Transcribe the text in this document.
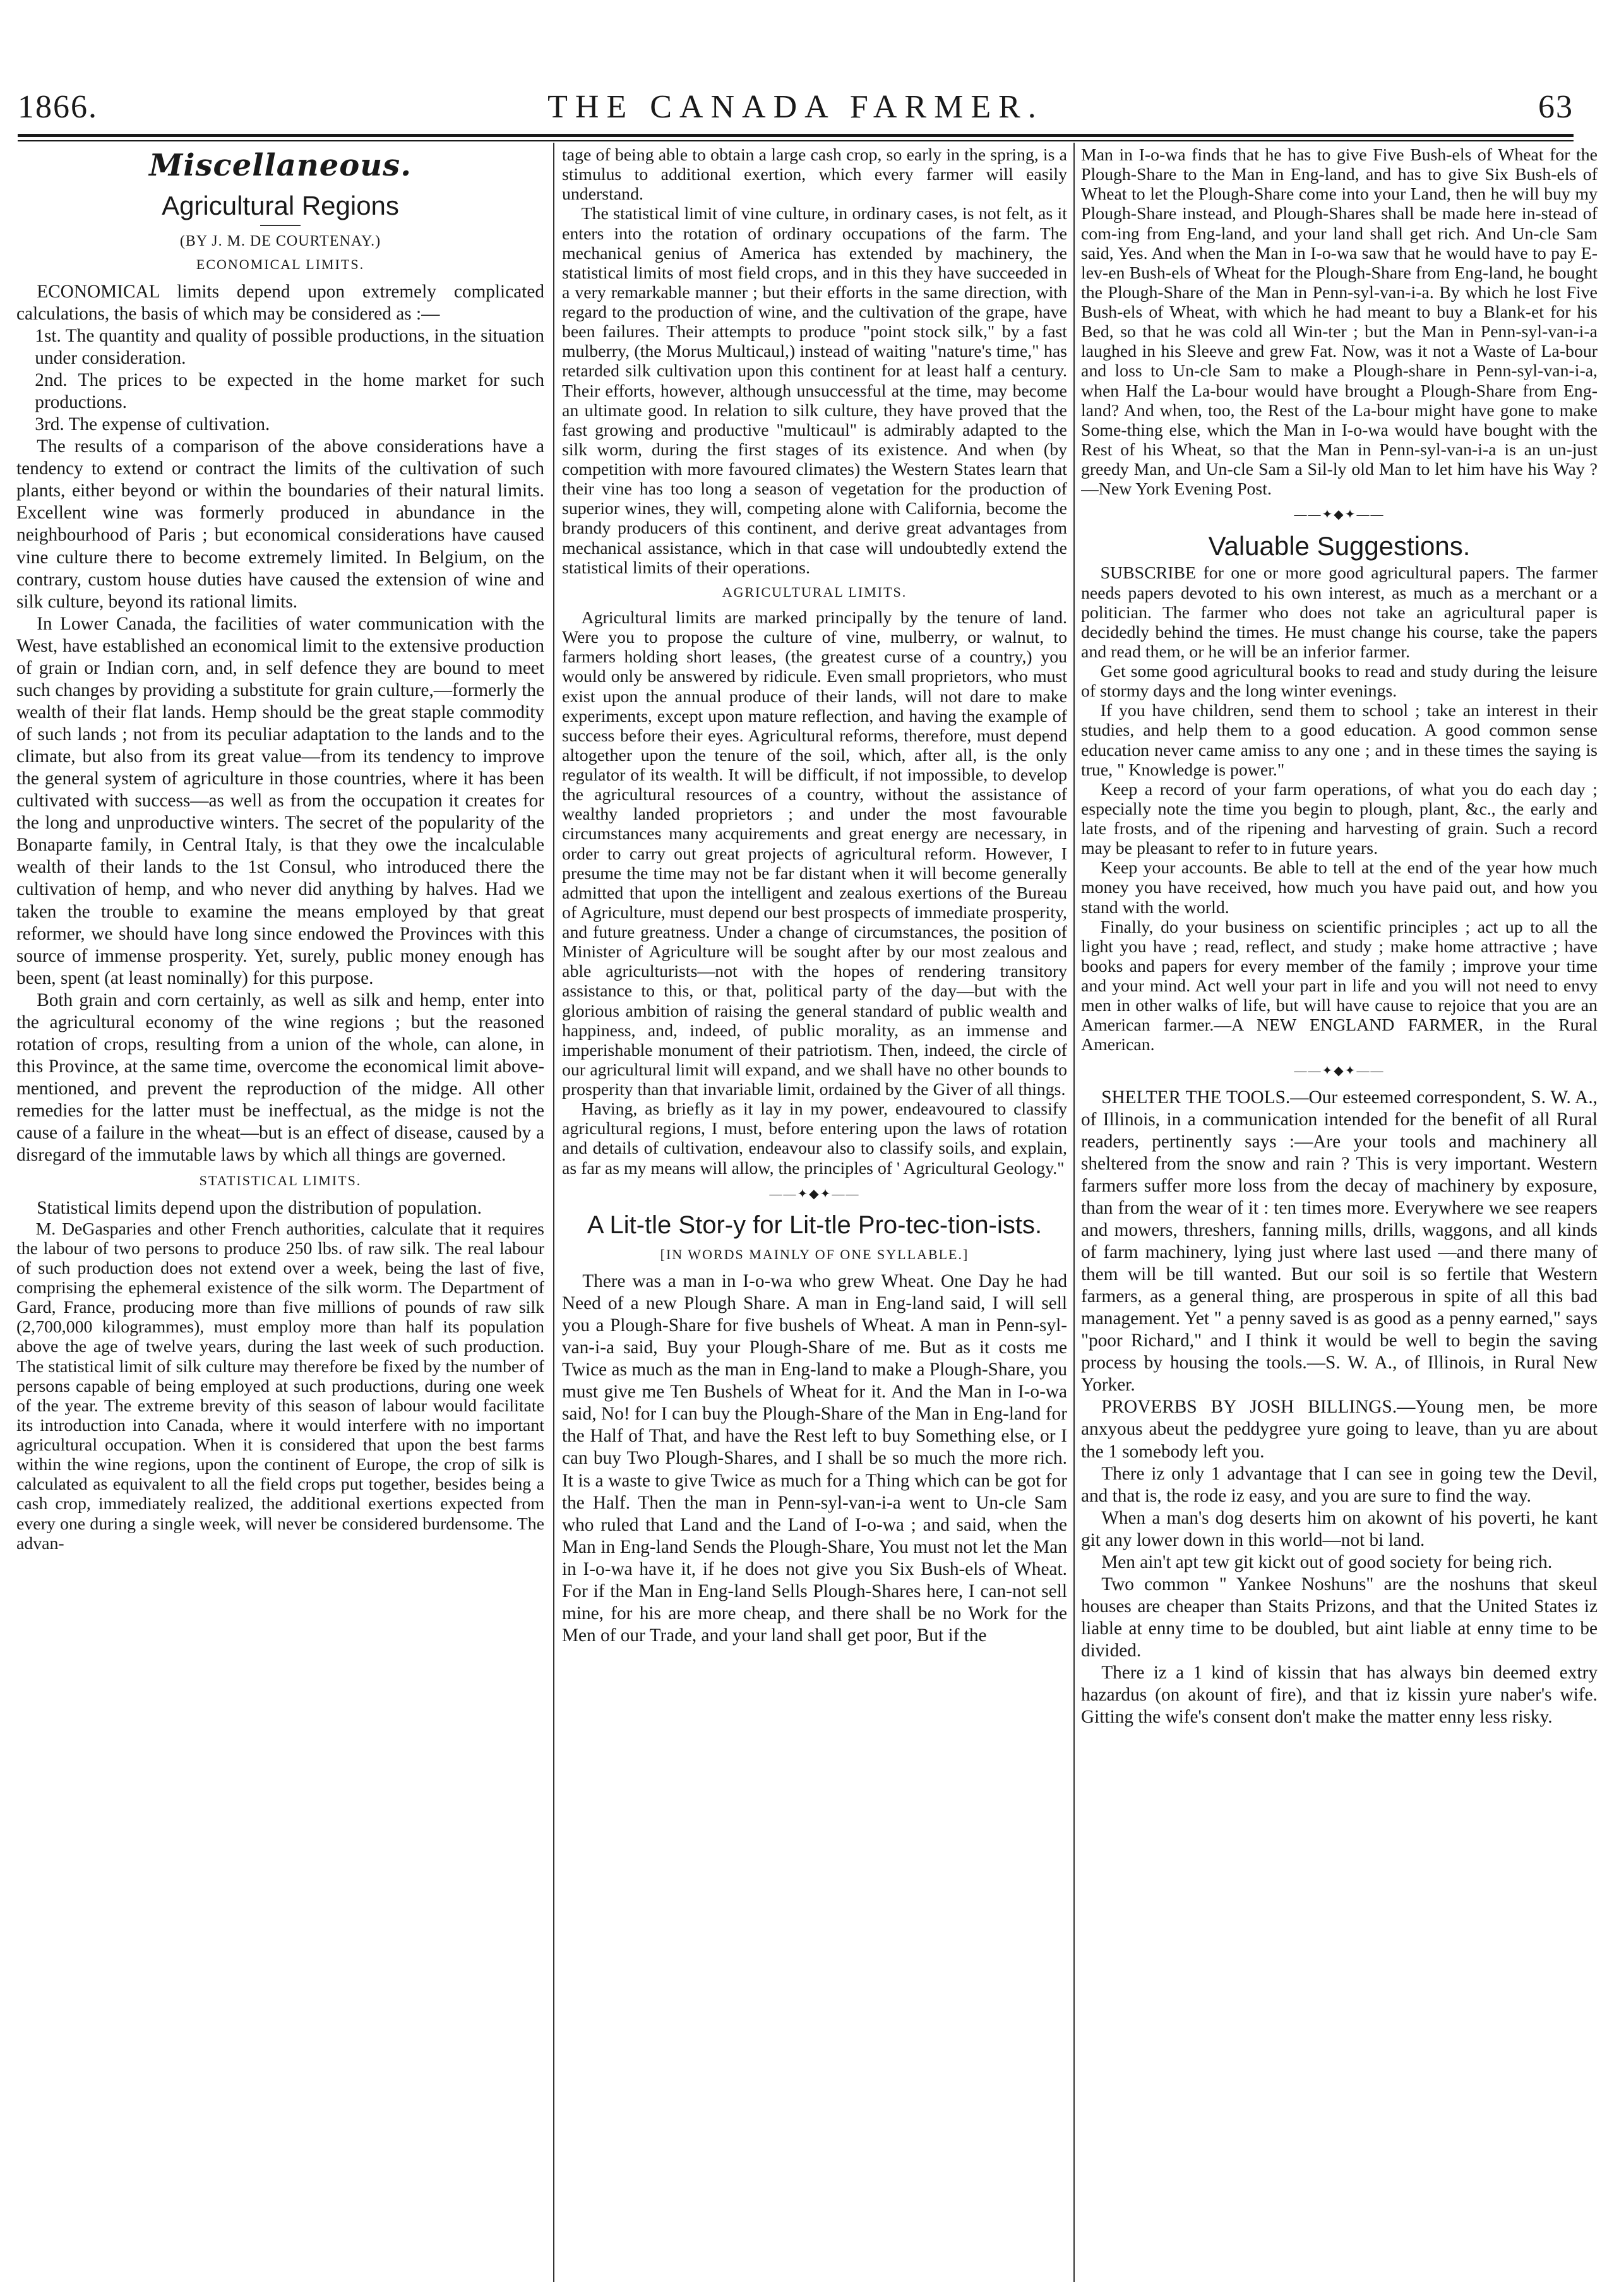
1866.	THE CANADA FARMER.	63
Miscellaneous.
Agricultural Regions
(BY J. M. DE COURTENAY.)
ECONOMICAL LIMITS.

ECONOMICAL limits depend upon extremely complicated calculations, the basis of which may be considered as :—

1st. The quantity and quality of possible productions, in the situation under consideration.

2nd. The prices to be expected in the home market for such productions.

3rd. The expense of cultivation.

The results of a comparison of the above considerations have a tendency to extend or contract the limits of the cultivation of such plants, either beyond or within the boundaries of their natural limits. Excellent wine was formerly produced in abundance in the neighbourhood of Paris ; but economical considerations have caused vine culture there to become extremely limited. In Belgium, on the contrary, custom house duties have caused the extension of wine and silk culture, beyond its rational limits.

In Lower Canada, the facilities of water communication with the West, have established an economical limit to the extensive production of grain or Indian corn, and, in self defence they are bound to meet such changes by providing a substitute for grain culture,—formerly the wealth of their flat lands. Hemp should be the great staple commodity of such lands ; not from its peculiar adaptation to the lands and to the climate, but also from its great value—from its tendency to improve the general system of agriculture in those countries, where it has been cultivated with success—as well as from the occupation it creates for the long and unproductive winters. The secret of the popularity of the Bonaparte family, in Central Italy, is that they owe the incalculable wealth of their lands to the 1st Consul, who introduced there the cultivation of hemp, and who never did anything by halves. Had we taken the trouble to examine the means employed by that great reformer, we should have long since endowed the Provinces with this source of immense prosperity. Yet, surely, public money enough has been, spent (at least nominally) for this purpose.

Both grain and corn certainly, as well as silk and hemp, enter into the agricultural economy of the wine regions ; but the reasoned rotation of crops, resulting from a union of the whole, can alone, in this Province, at the same time, overcome the economical limit above-mentioned, and prevent the reproduction of the midge. All other remedies for the latter must be ineffectual, as the midge is not the cause of a failure in the wheat—but is an effect of disease, caused by a disregard of the immutable laws by which all things are governed.

STATISTICAL LIMITS.

Statistical limits depend upon the distribution of population.

M. DeGasparies and other French authorities, calculate that it requires the labour of two persons to produce 250 lbs. of raw silk. The real labour of such production does not extend over a week, being the last of five, comprising the ephemeral existence of the silk worm. The Department of Gard, France, producing more than five millions of pounds of raw silk (2,700,000 kilogrammes), must employ more than half its population above the age of twelve years, during the last week of such production. The statistical limit of silk culture may therefore be fixed by the number of persons capable of being employed at such productions, during one week of the year. The extreme brevity of this season of labour would facilitate its introduction into Canada, where it would interfere with no important agricultural occupation. When it is considered that upon the best farms within the wine regions, upon the continent of Europe, the crop of silk is calculated as equivalent to all the field crops put together, besides being a cash crop, immediately realized, the additional exertions expected from every one during a single week, will never be considered burdensome. The advan-

tage of being able to obtain a large cash crop, so early in the spring, is a stimulus to additional exertion, which every farmer will easily understand.

The statistical limit of vine culture, in ordinary cases, is not felt, as it enters into the rotation of ordinary occupations of the farm. The mechanical genius of America has extended by machinery, the statistical limits of most field crops, and in this they have succeeded in a very remarkable manner ; but their efforts in the same direction, with regard to the production of wine, and the cultivation of the grape, have been failures. Their attempts to produce "point stock silk," by a fast mulberry, (the Morus Multicaul,) instead of waiting "nature's time," has retarded silk cultivation upon this continent for at least half a century. Their efforts, however, although unsuccessful at the time, may become an ultimate good. In relation to silk culture, they have proved that the fast growing and productive "multicaul" is admirably adapted to the silk worm, during the first stages of its existence. And when (by competition with more favoured climates) the Western States learn that their vine has too long a season of vegetation for the production of superior wines, they will, competing alone with California, become the brandy producers of this continent, and derive great advantages from mechanical assistance, which in that case will undoubtedly extend the statistical limits of their operations.

AGRICULTURAL LIMITS.

Agricultural limits are marked principally by the tenure of land. Were you to propose the culture of vine, mulberry, or walnut, to farmers holding short leases, (the greatest curse of a country,) you would only be answered by ridicule. Even small proprietors, who must exist upon the annual produce of their lands, will not dare to make experiments, except upon mature reflection, and having the example of success before their eyes. Agricultural reforms, therefore, must depend altogether upon the tenure of the soil, which, after all, is the only regulator of its wealth. It will be difficult, if not impossible, to develop the agricultural resources of a country, without the assistance of wealthy landed proprietors ; and under the most favourable circumstances many acquirements and great energy are necessary, in order to carry out great projects of agricultural reform. However, I presume the time may not be far distant when it will become generally admitted that upon the intelligent and zealous exertions of the Bureau of Agriculture, must depend our best prospects of immediate prosperity, and future greatness. Under a change of circumstances, the position of Minister of Agriculture will be sought after by our most zealous and able agriculturists—not with the hopes of rendering transitory assistance to this, or that, political party of the day—but with the glorious ambition of raising the general standard of public wealth and happiness, and, indeed, of public morality, as an immense and imperishable monument of their patriotism. Then, indeed, the circle of our agricultural limit will expand, and we shall have no other bounds to prosperity than that invariable limit, ordained by the Giver of all things.

Having, as briefly as it lay in my power, endeavoured to classify agricultural regions, I must, before entering upon the laws of rotation and details of cultivation, endeavour also to classify soils, and explain, as far as my means will allow, the principles of ' Agricultural Geology."

——✦◆✦——
A Lit-tle Stor-y for Lit-tle Pro-tec-tion-ists.
[IN WORDS MAINLY OF ONE SYLLABLE.]

There was a man in I-o-wa who grew Wheat. One Day he had Need of a new Plough Share. A man in Eng-land said, I will sell you a Plough-Share for five bushels of Wheat. A man in Penn-syl-van-i-a said, Buy your Plough-Share of me. But as it costs me Twice as much as the man in Eng-land to make a Plough-Share, you must give me Ten Bushels of Wheat for it. And the Man in I-o-wa said, No! for I can buy the Plough-Share of the Man in Eng-land for the Half of That, and have the Rest left to buy Something else, or I can buy Two Plough-Shares, and I shall be so much the more rich. It is a waste to give Twice as much for a Thing which can be got for the Half. Then the man in Penn-syl-van-i-a went to Un-cle Sam who ruled that Land and the Land of I-o-wa ; and said, when the Man in Eng-land Sends the Plough-Share, You must not let the Man in I-o-wa have it, if he does not give you Six Bush-els of Wheat. For if the Man in Eng-land Sells Plough-Shares here, I can-not sell mine, for his are more cheap, and there shall be no Work for the Men of our Trade, and your land shall get poor, But if the

Man in I-o-wa finds that he has to give Five Bush-els of Wheat for the Plough-Share to the Man in Eng-land, and has to give Six Bush-els of Wheat to let the Plough-Share come into your Land, then he will buy my Plough-Share instead, and Plough-Shares shall be made here in-stead of com-ing from Eng-land, and your land shall get rich. And Un-cle Sam said, Yes. And when the Man in I-o-wa saw that he would have to pay E-lev-en Bush-els of Wheat for the Plough-Share from Eng-land, he bought the Plough-Share of the Man in Penn-syl-van-i-a. By which he lost Five Bush-els of Wheat, with which he had meant to buy a Blank-et for his Bed, so that he was cold all Win-ter ; but the Man in Penn-syl-van-i-a laughed in his Sleeve and grew Fat. Now, was it not a Waste of La-bour and loss to Un-cle Sam to make a Plough-share in Penn-syl-van-i-a, when Half the La-bour would have brought a Plough-Share from Eng-land? And when, too, the Rest of the La-bour might have gone to make Some-thing else, which the Man in I-o-wa would have bought with the Rest of his Wheat, so that the Man in Penn-syl-van-i-a is an un-just greedy Man, and Un-cle Sam a Sil-ly old Man to let him have his Way ?—New York Evening Post.

——✦◆✦——
Valuable Suggestions.

SUBSCRIBE for one or more good agricultural papers. The farmer needs papers devoted to his own interest, as much as a merchant or a politician. The farmer who does not take an agricultural paper is decidedly behind the times. He must change his course, take the papers and read them, or he will be an inferior farmer.

Get some good agricultural books to read and study during the leisure of stormy days and the long winter evenings.

If you have children, send them to school ; take an interest in their studies, and help them to a good education. A good common sense education never came amiss to any one ; and in these times the saying is true, " Knowledge is power."

Keep a record of your farm operations, of what you do each day ; especially note the time you begin to plough, plant, &c., the early and late frosts, and of the ripening and harvesting of grain. Such a record may be pleasant to refer to in future years.

Keep your accounts. Be able to tell at the end of the year how much money you have received, how much you have paid out, and how you stand with the world.

Finally, do your business on scientific principles ; act up to all the light you have ; read, reflect, and study ; make home attractive ; have books and papers for every member of the family ; improve your time and your mind. Act well your part in life and you will not need to envy men in other walks of life, but will have cause to rejoice that you are an American farmer.—A NEW ENGLAND FARMER, in the Rural American.

——✦◆✦——

SHELTER THE TOOLS.—Our esteemed correspondent, S. W. A., of Illinois, in a communication intended for the benefit of all Rural readers, pertinently says :—Are your tools and machinery all sheltered from the snow and rain ? This is very important. Western farmers suffer more loss from the decay of machinery by exposure, than from the wear of it : ten times more. Everywhere we see reapers and mowers, threshers, fanning mills, drills, waggons, and all kinds of farm machinery, lying just where last used —and there many of them will be till wanted. But our soil is so fertile that Western farmers, as a general thing, are prosperous in spite of all this bad management. Yet " a penny saved is as good as a penny earned," says "poor Richard," and I think it would be well to begin the saving process by housing the tools.—S. W. A., of Illinois, in Rural New Yorker.

PROVERBS BY JOSH BILLINGS.—Young men, be more anxyous abeut the peddygree yure going to leave, than yu are about the 1 somebody left you.

There iz only 1 advantage that I can see in going tew the Devil, and that is, the rode iz easy, and you are sure to find the way.

When a man's dog deserts him on akownt of his poverti, he kant git any lower down in this world—not bi land.

Men ain't apt tew git kickt out of good society for being rich.

Two common " Yankee Noshuns" are the noshuns that skeul houses are cheaper than Staits Prizons, and that the United States iz liable at enny time to be doubled, but aint liable at enny time to be divided.

There iz a 1 kind of kissin that has always bin deemed extry hazardus (on akount of fire), and that iz kissin yure naber's wife. Gitting the wife's consent don't make the matter enny less risky.
